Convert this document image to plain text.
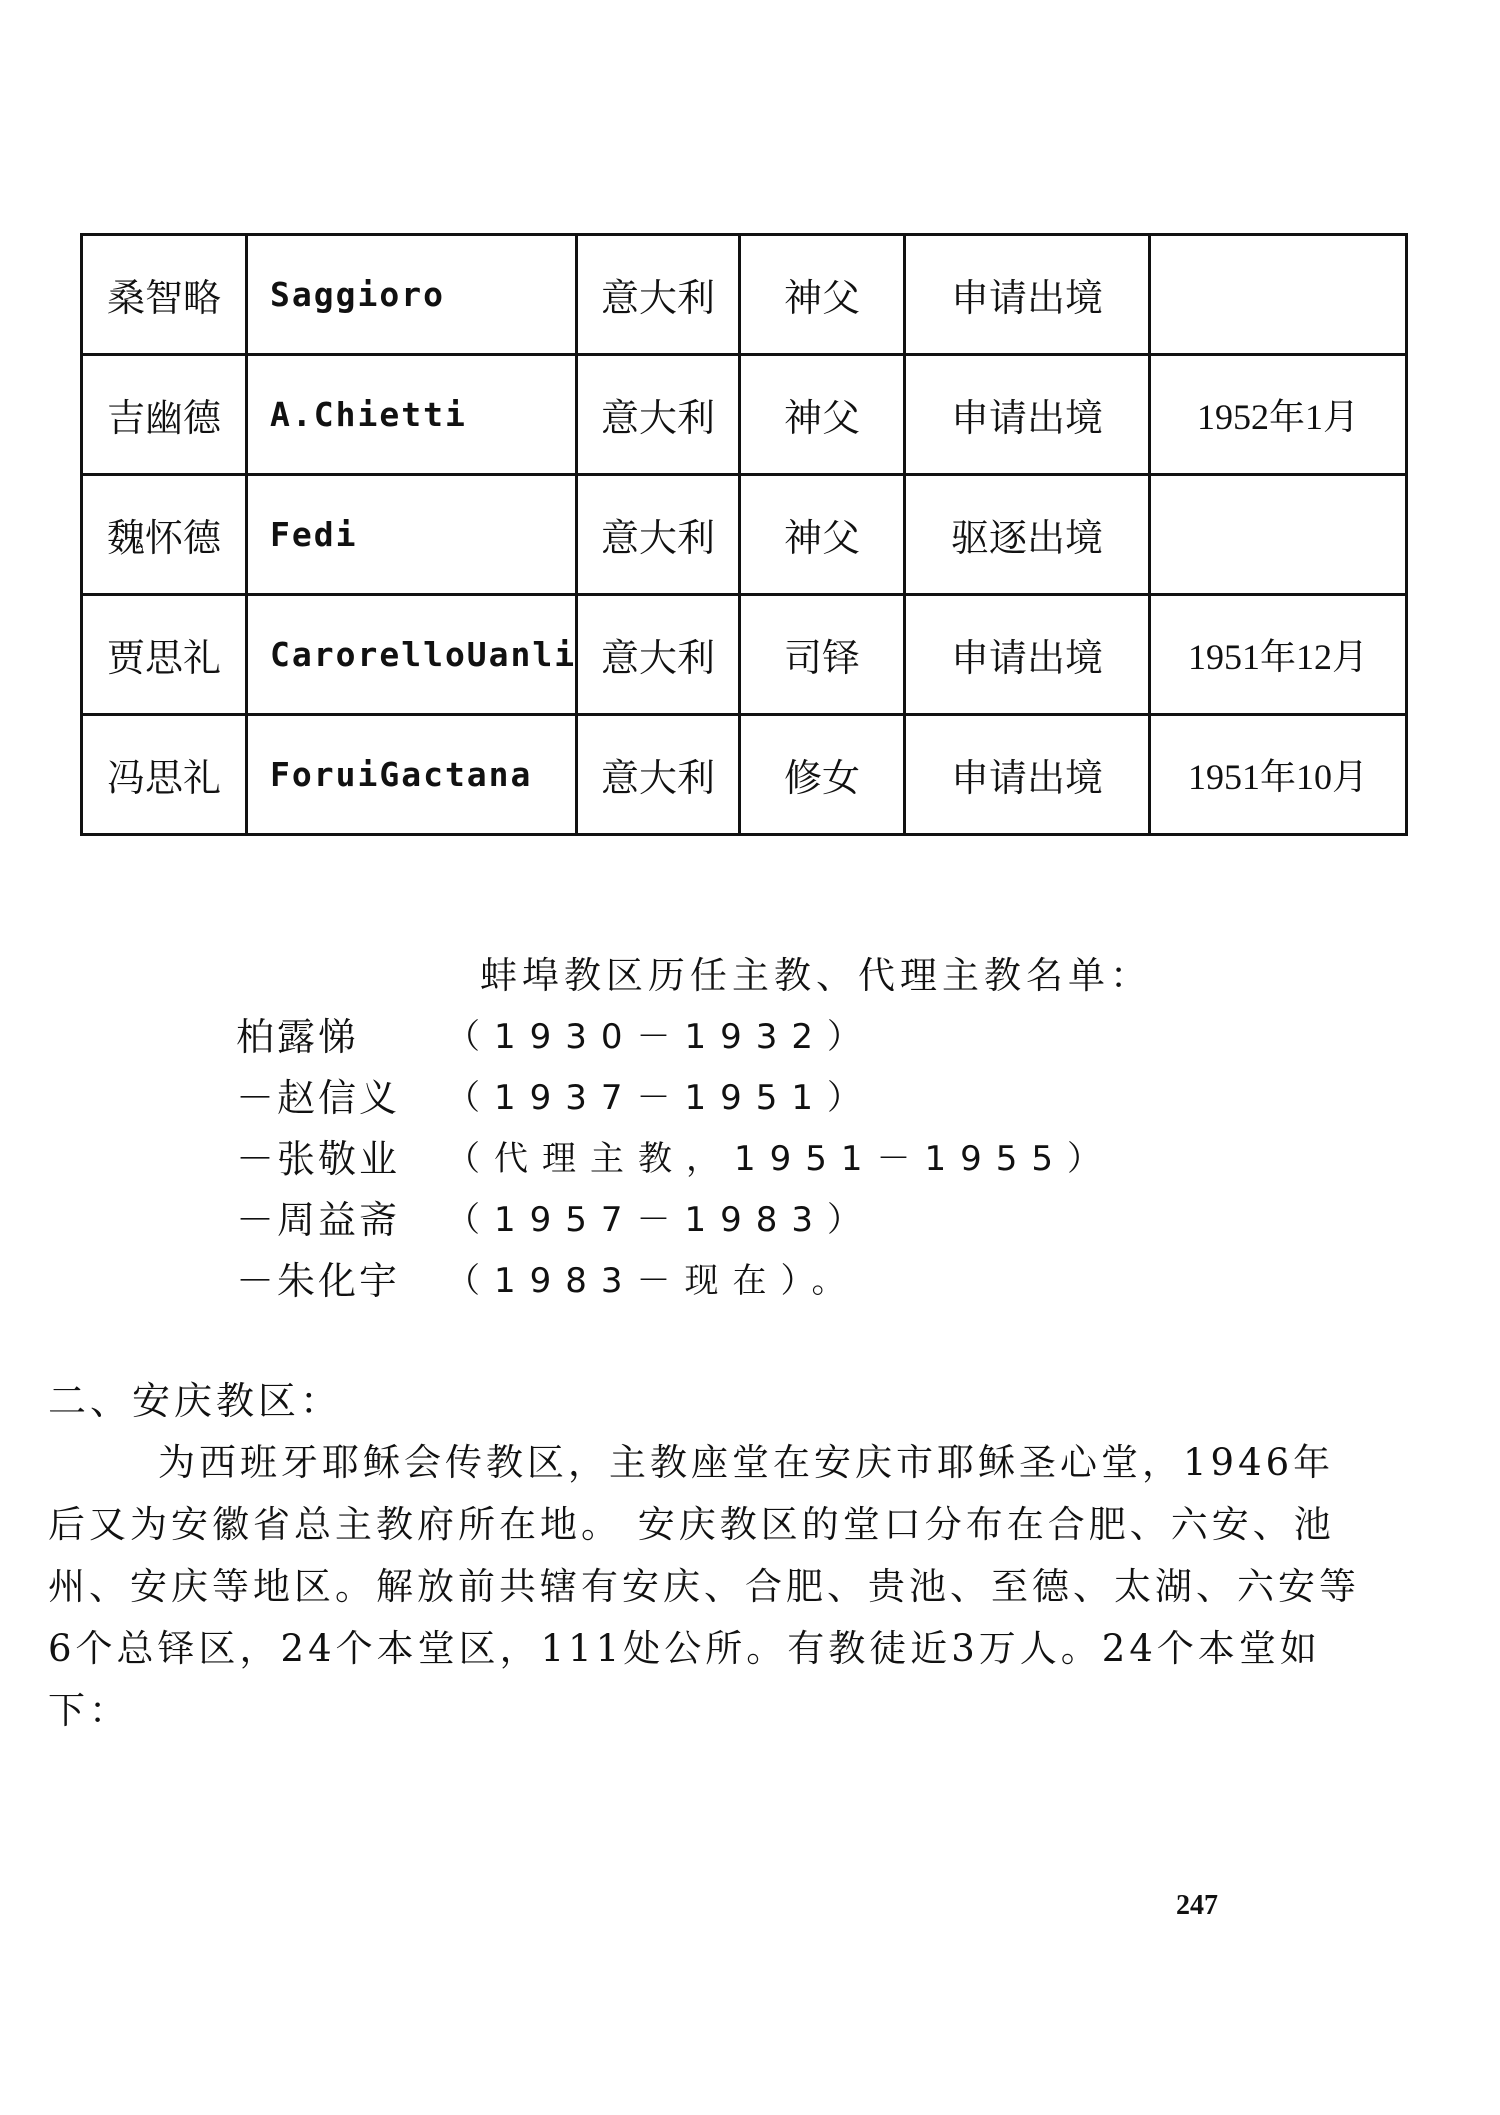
桑智略	Saggioro	意大利	神父	申请出境	
吉幽德	A.Chietti	意大利	神父	申请出境	1952年1月
魏怀德	Fedi	意大利	神父	驱逐出境	
贾思礼	CarorelloUanli	意大利	司铎	申请出境	1951年12月
冯思礼	ForuiGactana	意大利	修女	申请出境	1951年10月
蚌埠教区历任主教、代理主教名单：
柏露悌	（1930－1932）
－赵信义	（1937－1951）
－张敬业	（代理主教，1951－1955）
－周益斋	（1957－1983）
－朱化宇	（1983－现在）。
二、安庆教区：
为西班牙耶稣会传教区，主教座堂在安庆市耶稣圣心堂，1946年后又为安徽省总主教府所在地。 安庆教区的堂口分布在合肥、六安、池州、安庆等地区。解放前共辖有安庆、合肥、贵池、至德、太湖、六安等6个总铎区，24个本堂区，111处公所。有教徒近3万人。24个本堂如下：
247
